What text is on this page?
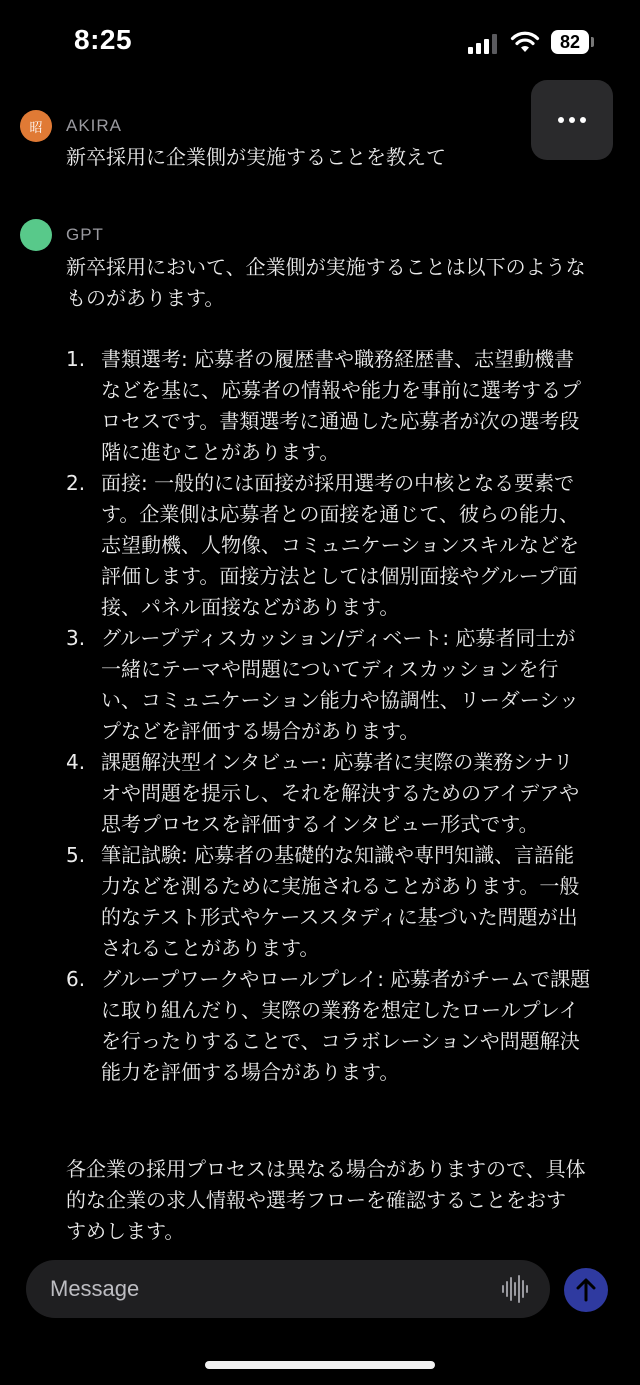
8:25	82
昭	AKIRA
新卒採用に企業側が実施することを教えて
GPT
新卒採用において、企業側が実施することは以下のようなものがあります。
1. 書類選考: 応募者の履歴書や職務経歴書、志望動機書などを基に、応募者の情報や能力を事前に選考するプロセスです。書類選考に通過した応募者が次の選考段階に進むことがあります。
2. 面接: 一般的には面接が採用選考の中核となる要素です。企業側は応募者との面接を通じて、彼らの能力、志望動機、人物像、コミュニケーションスキルなどを評価します。面接方法としては個別面接やグループ面接、パネル面接などがあります。
3. グループディスカッション/ディベート: 応募者同士が一緒にテーマや問題についてディスカッションを行い、コミュニケーション能力や協調性、リーダーシップなどを評価する場合があります。
4. 課題解決型インタビュー: 応募者に実際の業務シナリオや問題を提示し、それを解決するためのアイデアや思考プロセスを評価するインタビュー形式です。
5. 筆記試験: 応募者の基礎的な知識や専門知識、言語能力などを測るために実施されることがあります。一般的なテスト形式やケーススタディに基づいた問題が出されることがあります。
6. グループワークやロールプレイ: 応募者がチームで課題に取り組んだり、実際の業務を想定したロールプレイを行ったりすることで、コラボレーションや問題解決能力を評価する場合があります。
各企業の採用プロセスは異なる場合がありますので、具体的な企業の求人情報や選考フローを確認することをおすすめします。
Message
